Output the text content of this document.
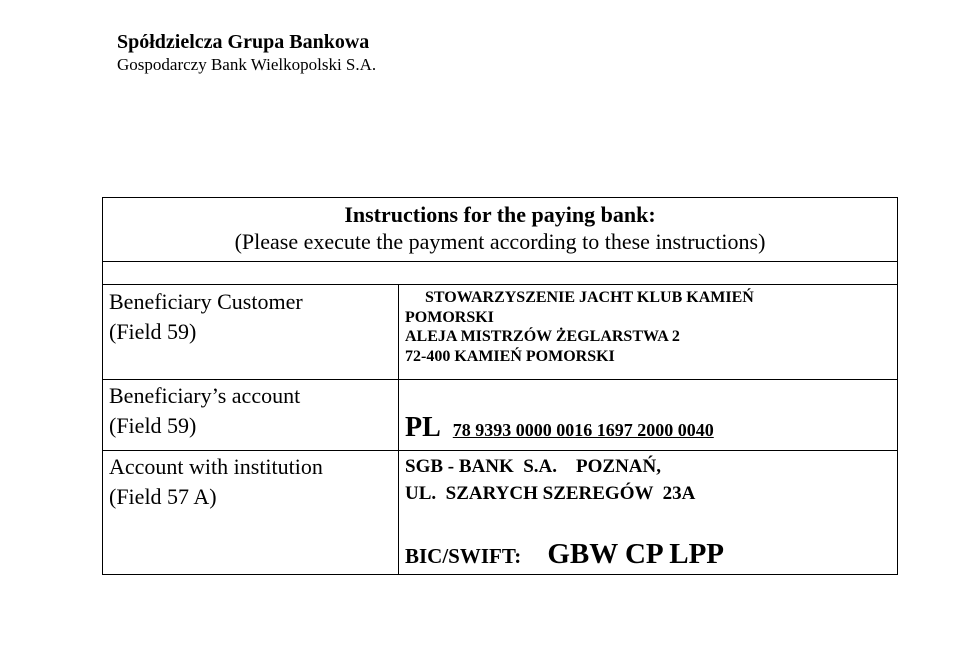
Spółdzielcza Grupa Bankowa
Gospodarczy Bank Wielkopolski S.A.
Instructions for the paying bank:
(Please execute the payment according to these instructions)
Beneficiary Customer
(Field 59)
STOWARZYSZENIE JACHT KLUB KAMIEŃ
POMORSKI
ALEJA MISTRZÓW ŻEGLARSTWA 2
72-400 KAMIEŃ POMORSKI
Beneficiary’s account
(Field 59)	PL 78 9393 0000 0016 1697 2000 0040
Account with institution
(Field 57 A)
SGB - BANK  S.A.    POZNAŃ,
UL.  SZARYCH SZEREGÓW  23A
BIC/SWIFT: GBW CP LPP
